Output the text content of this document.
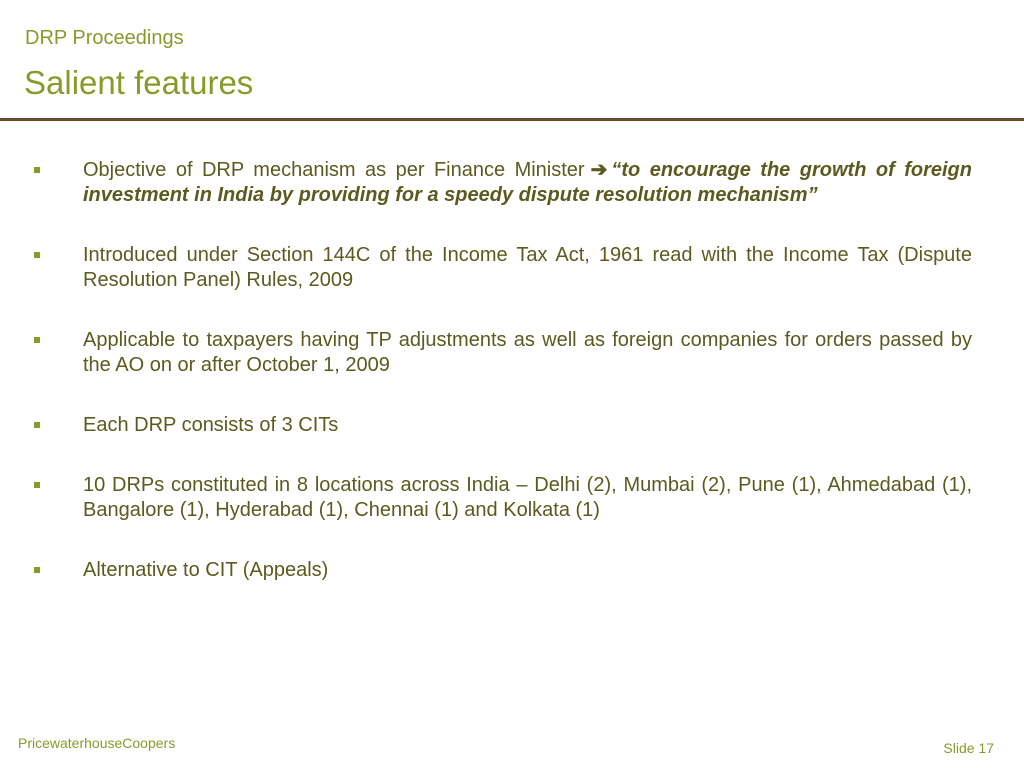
DRP Proceedings
Salient features
Objective of DRP mechanism as per Finance Minister ➔ “to encourage the growth of foreign investment in India by providing for a speedy dispute resolution mechanism”
Introduced under Section 144C of the Income Tax Act, 1961 read with the Income Tax (Dispute Resolution Panel) Rules, 2009
Applicable to taxpayers having TP adjustments as well as foreign companies for orders passed by the AO on or after October 1, 2009
Each DRP consists of 3 CITs
10 DRPs constituted in 8 locations across India – Delhi (2), Mumbai (2), Pune (1), Ahmedabad (1), Bangalore (1), Hyderabad (1), Chennai (1) and Kolkata (1)
Alternative to CIT (Appeals)
PricewaterhouseCoopers	Slide 17
